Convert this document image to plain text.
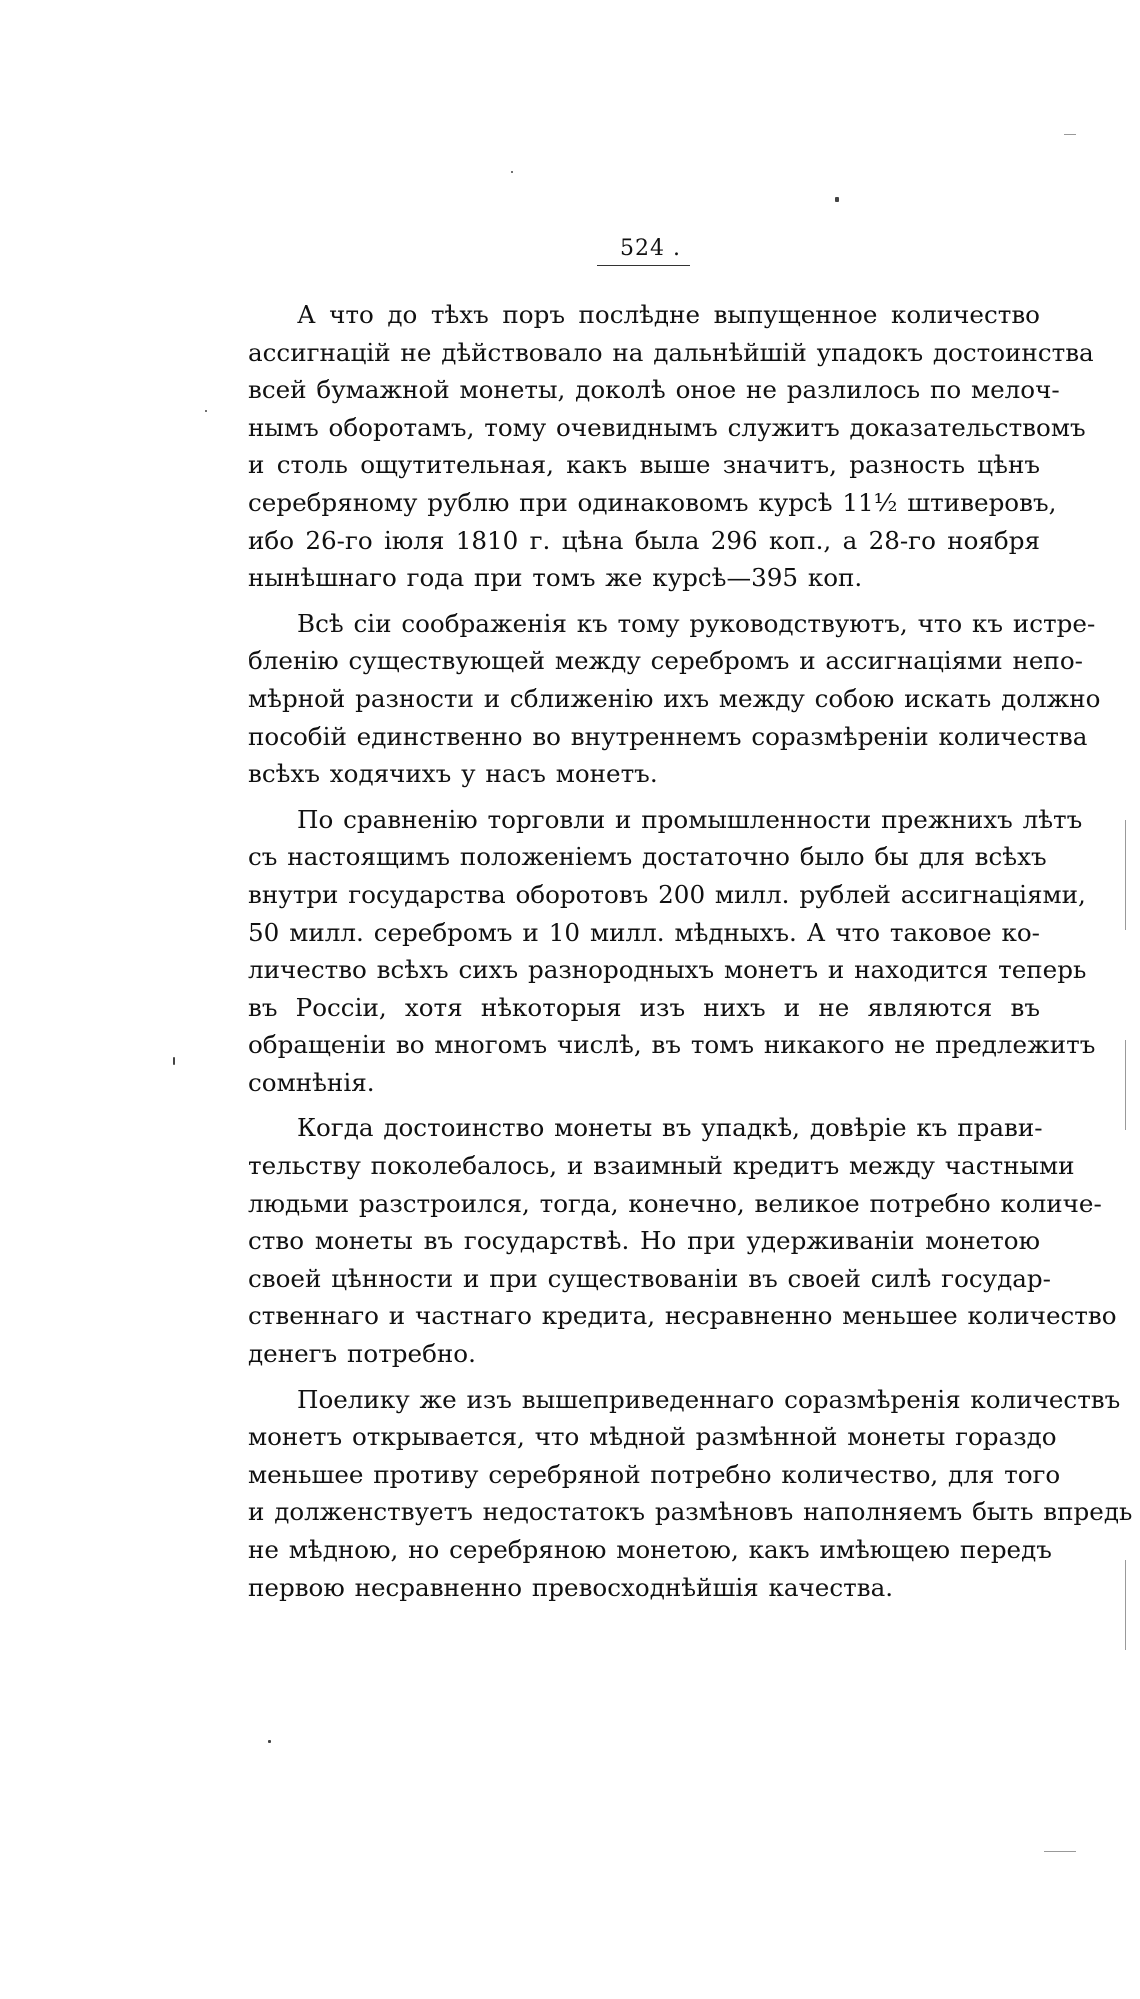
524 .
А что до тѣхъ поръ послѣдне выпущенное количество
ассигнацій не дѣйствовало на дальнѣйшій упадокъ достоинства
всей бумажной монеты, доколѣ оное не разлилось по мелоч-
нымъ оборотамъ, тому очевиднымъ служитъ доказательствомъ
и столь ощутительная, какъ выше значитъ, разность цѣнъ
серебряному рублю при одинаковомъ курсѣ 11½ штиверовъ,
ибо 26-го іюля 1810 г. цѣна была 296 коп., а 28-го ноября
нынѣшнаго года при томъ же курсѣ—395 коп.
Всѣ сіи соображенія къ тому руководствуютъ, что къ истре-
бленію существующей между серебромъ и ассигнаціями непо-
мѣрной разности и сближенію ихъ между собою искать должно
пособій единственно во внутреннемъ соразмѣреніи количества
всѣхъ ходячихъ у насъ монетъ.
По сравненію торговли и промышленности прежнихъ лѣтъ
съ настоящимъ положеніемъ достаточно было бы для всѣхъ
внутри государства оборотовъ 200 милл. рублей ассигнаціями,
50 милл. серебромъ и 10 милл. мѣдныхъ. А что таковое ко-
личество всѣхъ сихъ разнородныхъ монетъ и находится теперь
въ Россіи, хотя нѣкоторыя изъ нихъ и не являются въ
обращеніи во многомъ числѣ, въ томъ никакого не предлежитъ
сомнѣнія.
Когда достоинство монеты въ упадкѣ, довѣріе къ прави-
тельству поколебалось, и взаимный кредитъ между частными
людьми разстроился, тогда, конечно, великое потребно количе-
ство монеты въ государствѣ. Но при удерживаніи монетою
своей цѣнности и при существованіи въ своей силѣ государ-
ственнаго и частнаго кредита, несравненно меньшее количество
денегъ потребно.
Поелику же изъ вышеприведеннаго соразмѣренія количествъ
монетъ открывается, что мѣдной размѣнной монеты гораздо
меньшее противу серебряной потребно количество, для того
и долженствуетъ недостатокъ размѣновъ наполняемъ быть впредь
не мѣдною, но серебряною монетою, какъ имѣющею передъ
первою несравненно превосходнѣйшія качества.
